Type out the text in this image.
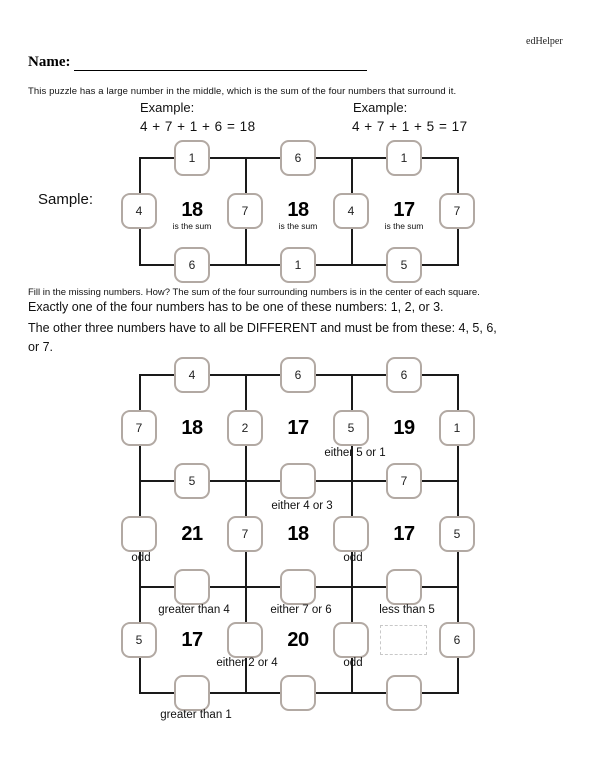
edHelper
Name:
This puzzle has a large number in the middle, which is the sum of the four numbers that surround it.
Example:
4 + 7 + 1 + 6 = 18
Example:
4 + 7 + 1 + 5 = 17
Sample:	18
is the sum
18
is the sum
17
is the sum
1	6	1
4	7	4	7
6	1	5
Fill in the missing numbers. How? The sum of the four surrounding numbers is in the center of each square.
Exactly one of the four numbers has to be one of these numbers: 1, 2, or 3.
The other three numbers have to all be DIFFERENT and must be from these: 4, 5, 6,
or 7.
18	17	19
21	18	17
17	20
4	6	6
7	2	5	1
5	7
7	5
5	6
either 5 or 1
either 4 or 3
odd	odd
greater than 4	either 7 or 6	less than 5
either 2 or 4	odd
greater than 1
